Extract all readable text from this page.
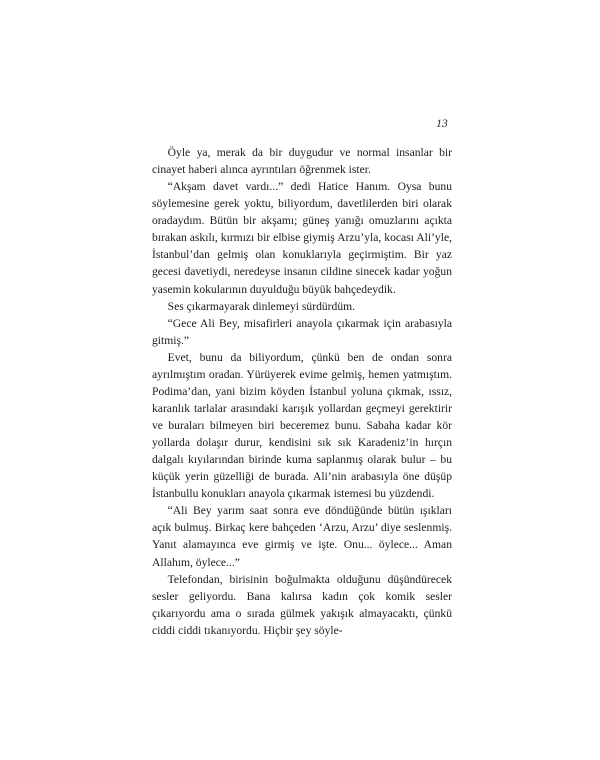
13

Öyle ya, merak da bir duygudur ve normal insanlar bir cinayet haberi alınca ayrıntıları öğrenmek ister.

“Akşam davet vardı...” dedi Hatice Hanım. Oysa bunu söylemesine gerek yoktu, biliyordum, davetlilerden biri olarak oradaydım. Bütün bir akşamı; güneş yanığı omuzlarını açıkta bırakan askılı, kırmızı bir elbise giymiş Arzu’yla, kocası Ali’yle, İstanbul’dan gelmiş olan konuklarıyla geçirmiştim. Bir yaz gecesi davetiydi, neredeyse insanın cildine sinecek kadar yoğun yasemin kokularının duyulduğu büyük bahçedeydik.

Ses çıkarmayarak dinlemeyi sürdürdüm.

“Gece Ali Bey, misafirleri anayola çıkarmak için arabasıyla gitmiş.”

Evet, bunu da biliyordum, çünkü ben de ondan sonra ayrılmıştım oradan. Yürüyerek evime gelmiş, hemen yatmıştım. Podima’dan, yani bizim köyden İstanbul yoluna çıkmak, ıssız, karanlık tarlalar arasındaki karışık yollardan geçmeyi gerektirir ve buraları bilmeyen biri beceremez bunu. Sabaha kadar kör yollarda dolaşır durur, kendisini sık sık Karadeniz’in hırçın dalgalı kıyılarından birinde kuma saplanmış olarak bulur – bu küçük yerin güzelliği de burada. Ali’nin arabasıyla öne düşüp İstanbullu konukları anayola çıkarmak istemesi bu yüzdendi.

“Ali Bey yarım saat sonra eve döndüğünde bütün ışıkları açık bulmuş. Birkaç kere bahçeden ‘Arzu, Arzu’ diye seslenmiş. Yanıt alamayınca eve girmiş ve işte. Onu... öylece... Aman Allahım, öylece...”

Telefondan, birisinin boğulmakta olduğunu düşündürecek sesler geliyordu. Bana kalırsa kadın çok komik sesler çıkarıyordu ama o sırada gülmek yakışık almayacaktı, çünkü ciddi ciddi tıkanıyordu. Hiçbir şey söyle-
